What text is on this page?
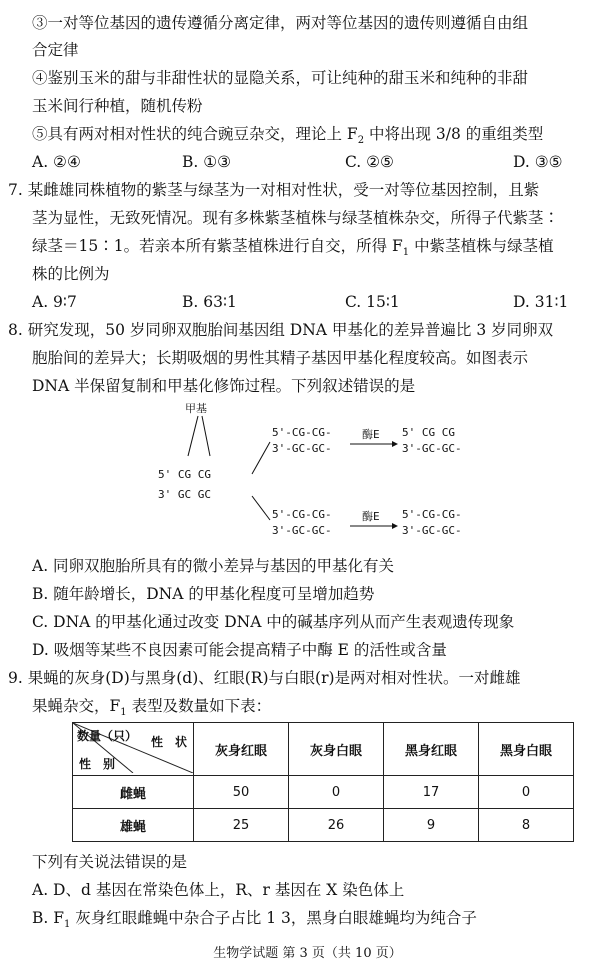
③一对等位基因的遗传遵循分离定律，两对等位基因的遗传则遵循自由组
合定律
④鉴别玉米的甜与非甜性状的显隐关系，可让纯种的甜玉米和纯种的非甜
玉米间行种植，随机传粉
⑤具有两对相对性状的纯合豌豆杂交，理论上 $F_2$ 中将出现 3/8 的重组类型
A. ②④	B. ①③	C. ②⑤	D. ③⑤
7. 某雌雄同株植物的紫茎与绿茎为一对相对性状，受一对等位基因控制，且紫
茎为显性，无致死情况。现有多株紫茎植株与绿茎植株杂交，所得子代紫茎∶
绿茎＝15∶1。若亲本所有紫茎植株进行自交，所得 $F_1$ 中紫茎植株与绿茎植
株的比例为
A. 9∶7	B. 63∶1	C. 15∶1	D. 31∶1
8. 研究发现，50 岁同卵双胞胎间基因组 DNA 甲基化的差异普遍比 3 岁同卵双
胞胎间的差异大；长期吸烟的男性其精子基因甲基化程度较高。如图表示
DNA 半保留复制和甲基化修饰过程。下列叙述错误的是
甲基
5' CG CG
3' GC GC
5'-CG-CG-
3'-GC-GC-
酶E 5' CG CG
3'-GC-GC-
5'-CG-CG-
3'-GC-GC-
酶E 5'-CG-CG-
3'-GC-GC-
A. 同卵双胞胎所具有的微小差异与基因的甲基化有关
B. 随年龄增长，DNA 的甲基化程度可呈增加趋势
C. DNA 的甲基化通过改变 DNA 中的碱基序列从而产生表观遗传现象
D. 吸烟等某些不良因素可能会提高精子中酶 E 的活性或含量
9. 果蝇的灰身(D)与黑身(d)、红眼(R)与白眼(r)是两对相对性状。一对雌雄
果蝇杂交，$F_1$ 表型及数量如下表：
数量（只） 性　状
性　别	灰身红眼	灰身白眼	黑身红眼	黑身白眼
雌蝇	50	0	17	0
雄蝇	25	26	9	8
下列有关说法错误的是
A. D、d 基因在常染色体上，R、r 基因在 X 染色体上
B. $F_1$ 灰身红眼雌蝇中杂合子占比 1 3，黑身白眼雄蝇均为纯合子
生物学试题 第 3 页（共 10 页）
